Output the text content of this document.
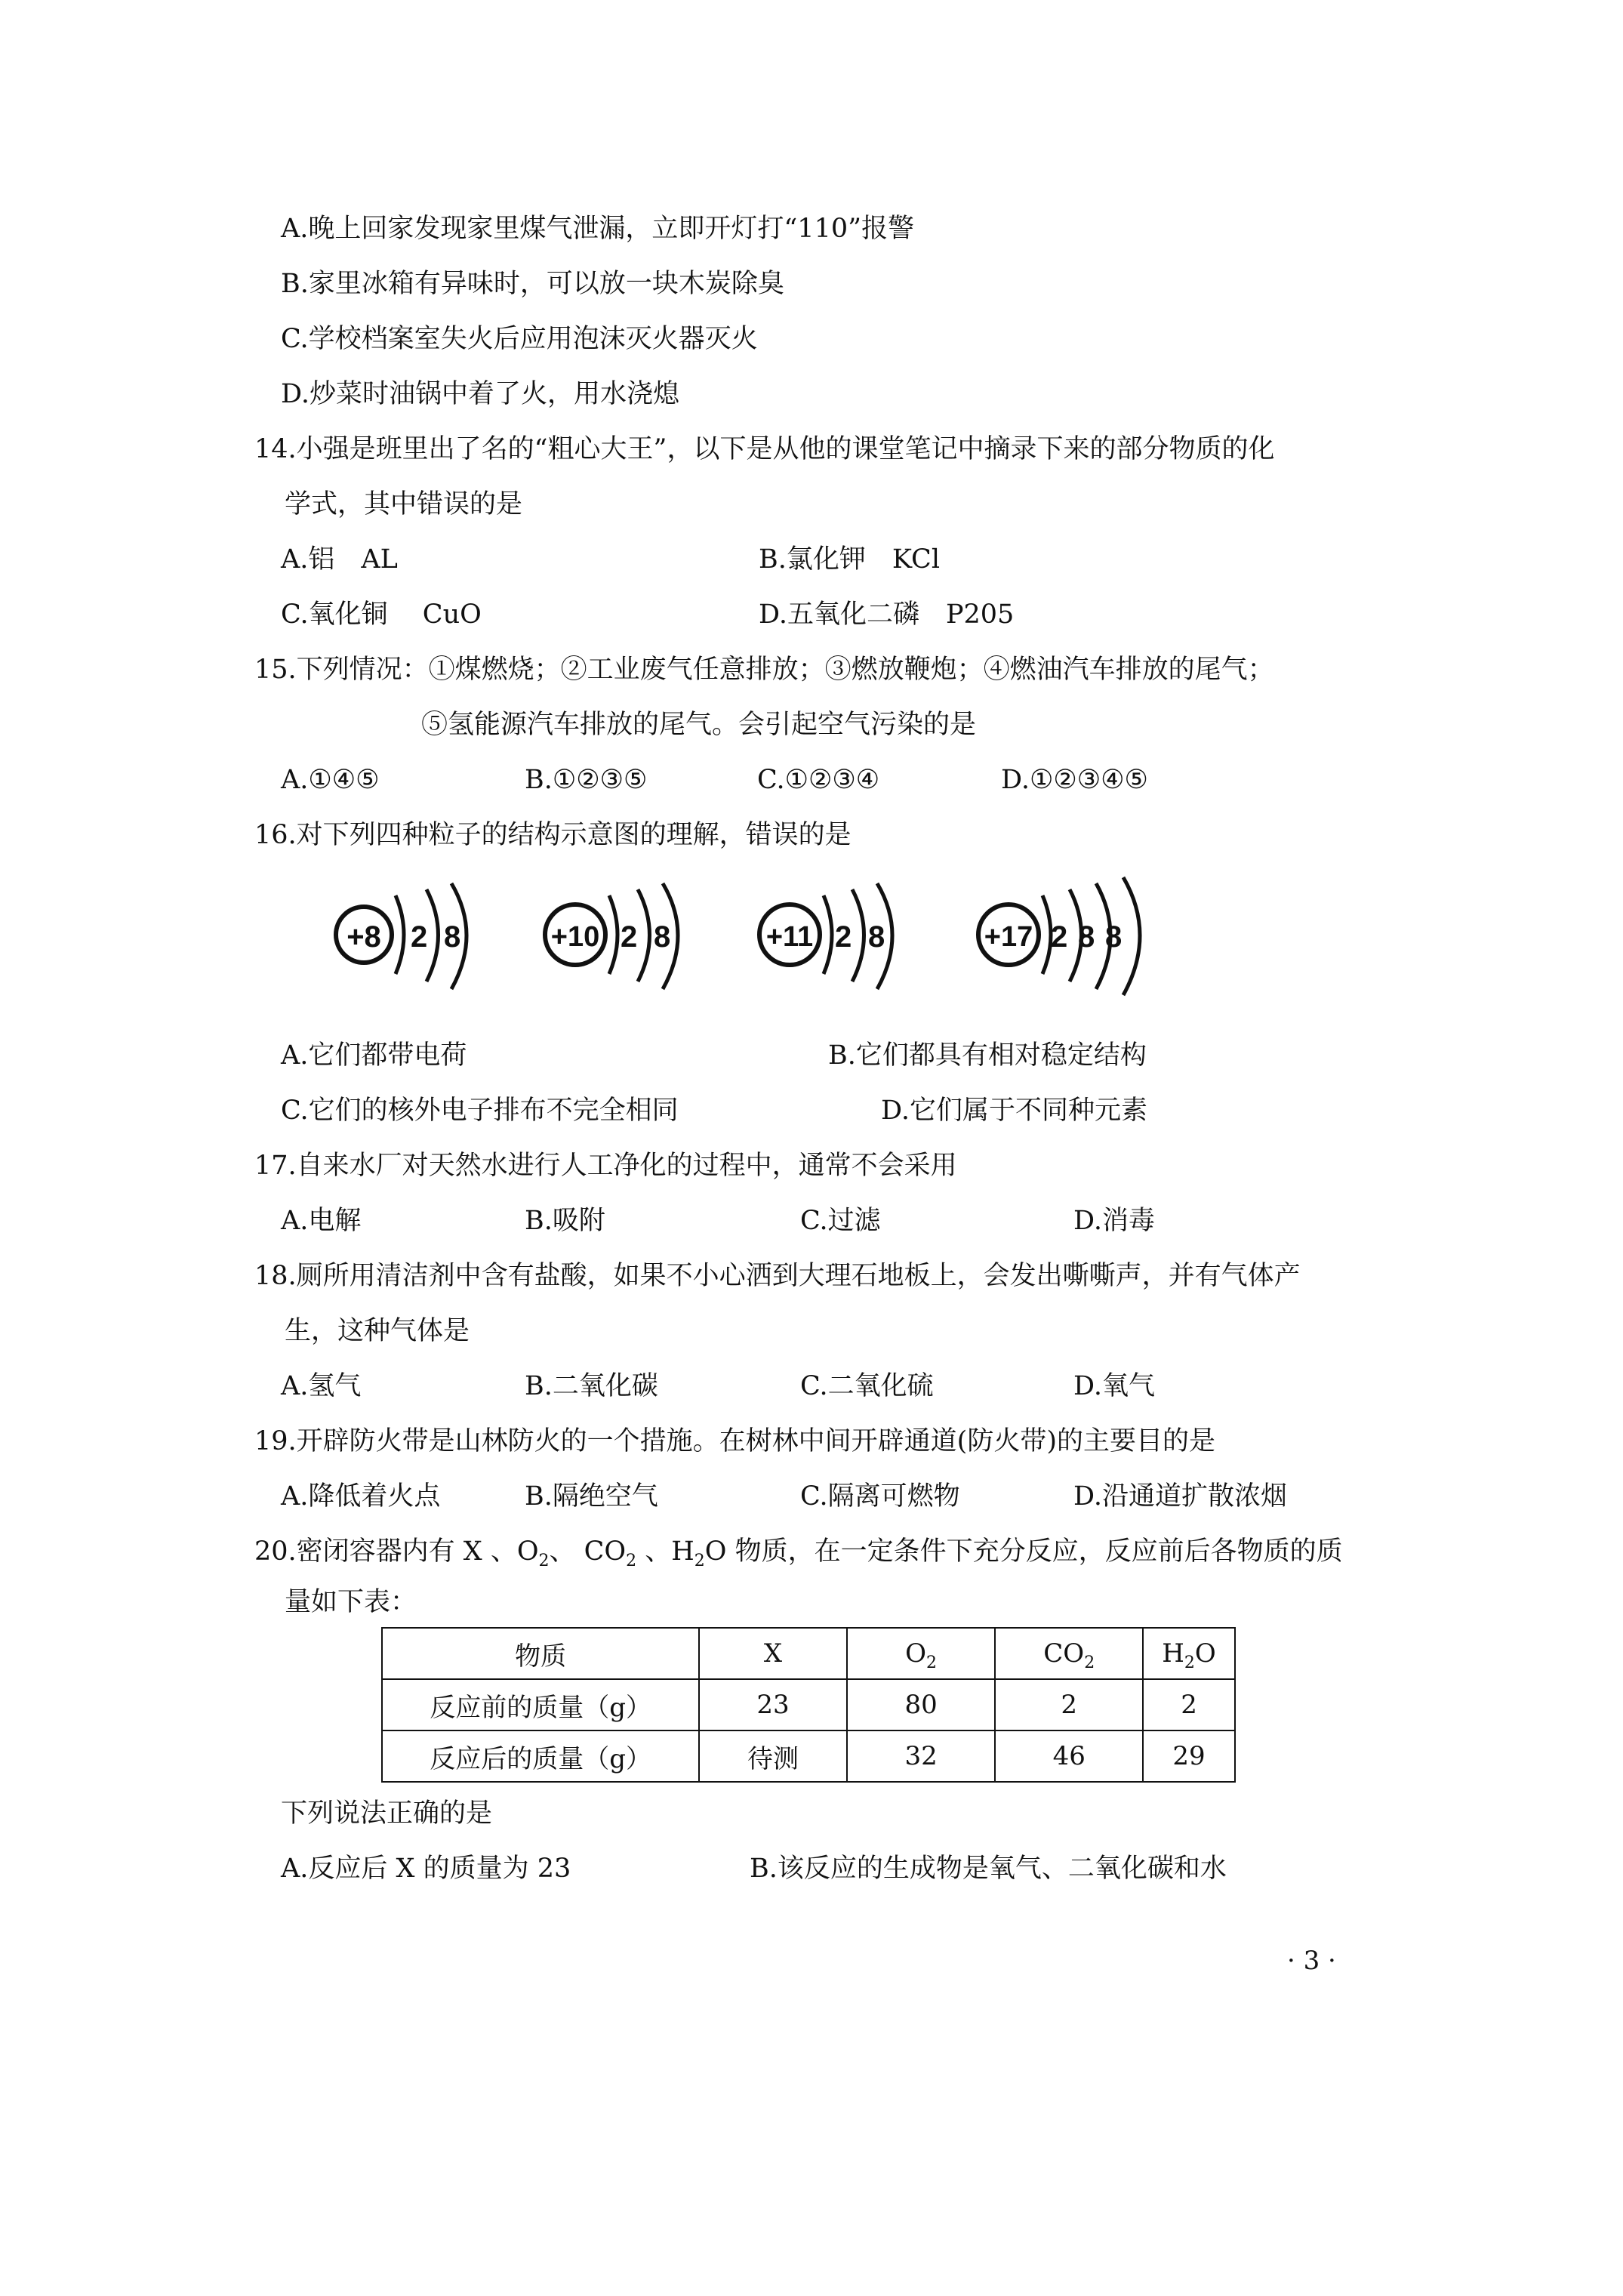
A.晚上回家发现家里煤气泄漏，立即开灯打“110”报警
B.家里冰箱有异味时，可以放一块木炭除臭
C.学校档案室失火后应用泡沫灭火器灭火
D.炒菜时油锅中着了火，用水浇熄
14.小强是班里出了名的“粗心大王”，以下是从他的课堂笔记中摘录下来的部分物质的化
学式，其中错误的是
A.铝　AL	B.氯化钾　KCl
C.氧化铜　 CuO	D.五氧化二磷　P205
15.下列情况：①煤燃烧；②工业废气任意排放；③燃放鞭炮；④燃油汽车排放的尾气；
⑤氢能源汽车排放的尾气。会引起空气污染的是
A.①④⑤	B.①②③⑤	C.①②③④	D.①②③④⑤
16.对下列四种粒子的结构示意图的理解，错误的是
+8 2 8	+10 2 8	+11 2 8	+17 2 8 8
A.它们都带电荷	B.它们都具有相对稳定结构
C.它们的核外电子排布不完全相同	D.它们属于不同种元素
17.自来水厂对天然水进行人工净化的过程中，通常不会采用
A.电解	B.吸附	C.过滤	D.消毒
18.厕所用清洁剂中含有盐酸，如果不小心洒到大理石地板上，会发出嘶嘶声，并有气体产
生，这种气体是
A.氢气	B.二氧化碳	C.二氧化硫	D.氧气
19.开辟防火带是山林防火的一个措施。在树林中间开辟通道(防火带)的主要目的是
A.降低着火点	B.隔绝空气	C.隔离可燃物	D.沿通道扩散浓烟
20.密闭容器内有 X 、$O_2$、 $CO_2$ 、$H_2O$ 物质，在一定条件下充分反应，反应前后各物质的质
量如下表：
物质	X	$O_2$	$CO_2$	$H_2O$
反应前的质量（g）	23	80	2	2
反应后的质量（g）	待测	32	46	29
下列说法正确的是
A.反应后 X 的质量为 23	B.该反应的生成物是氧气、二氧化碳和水
· 3 ·
